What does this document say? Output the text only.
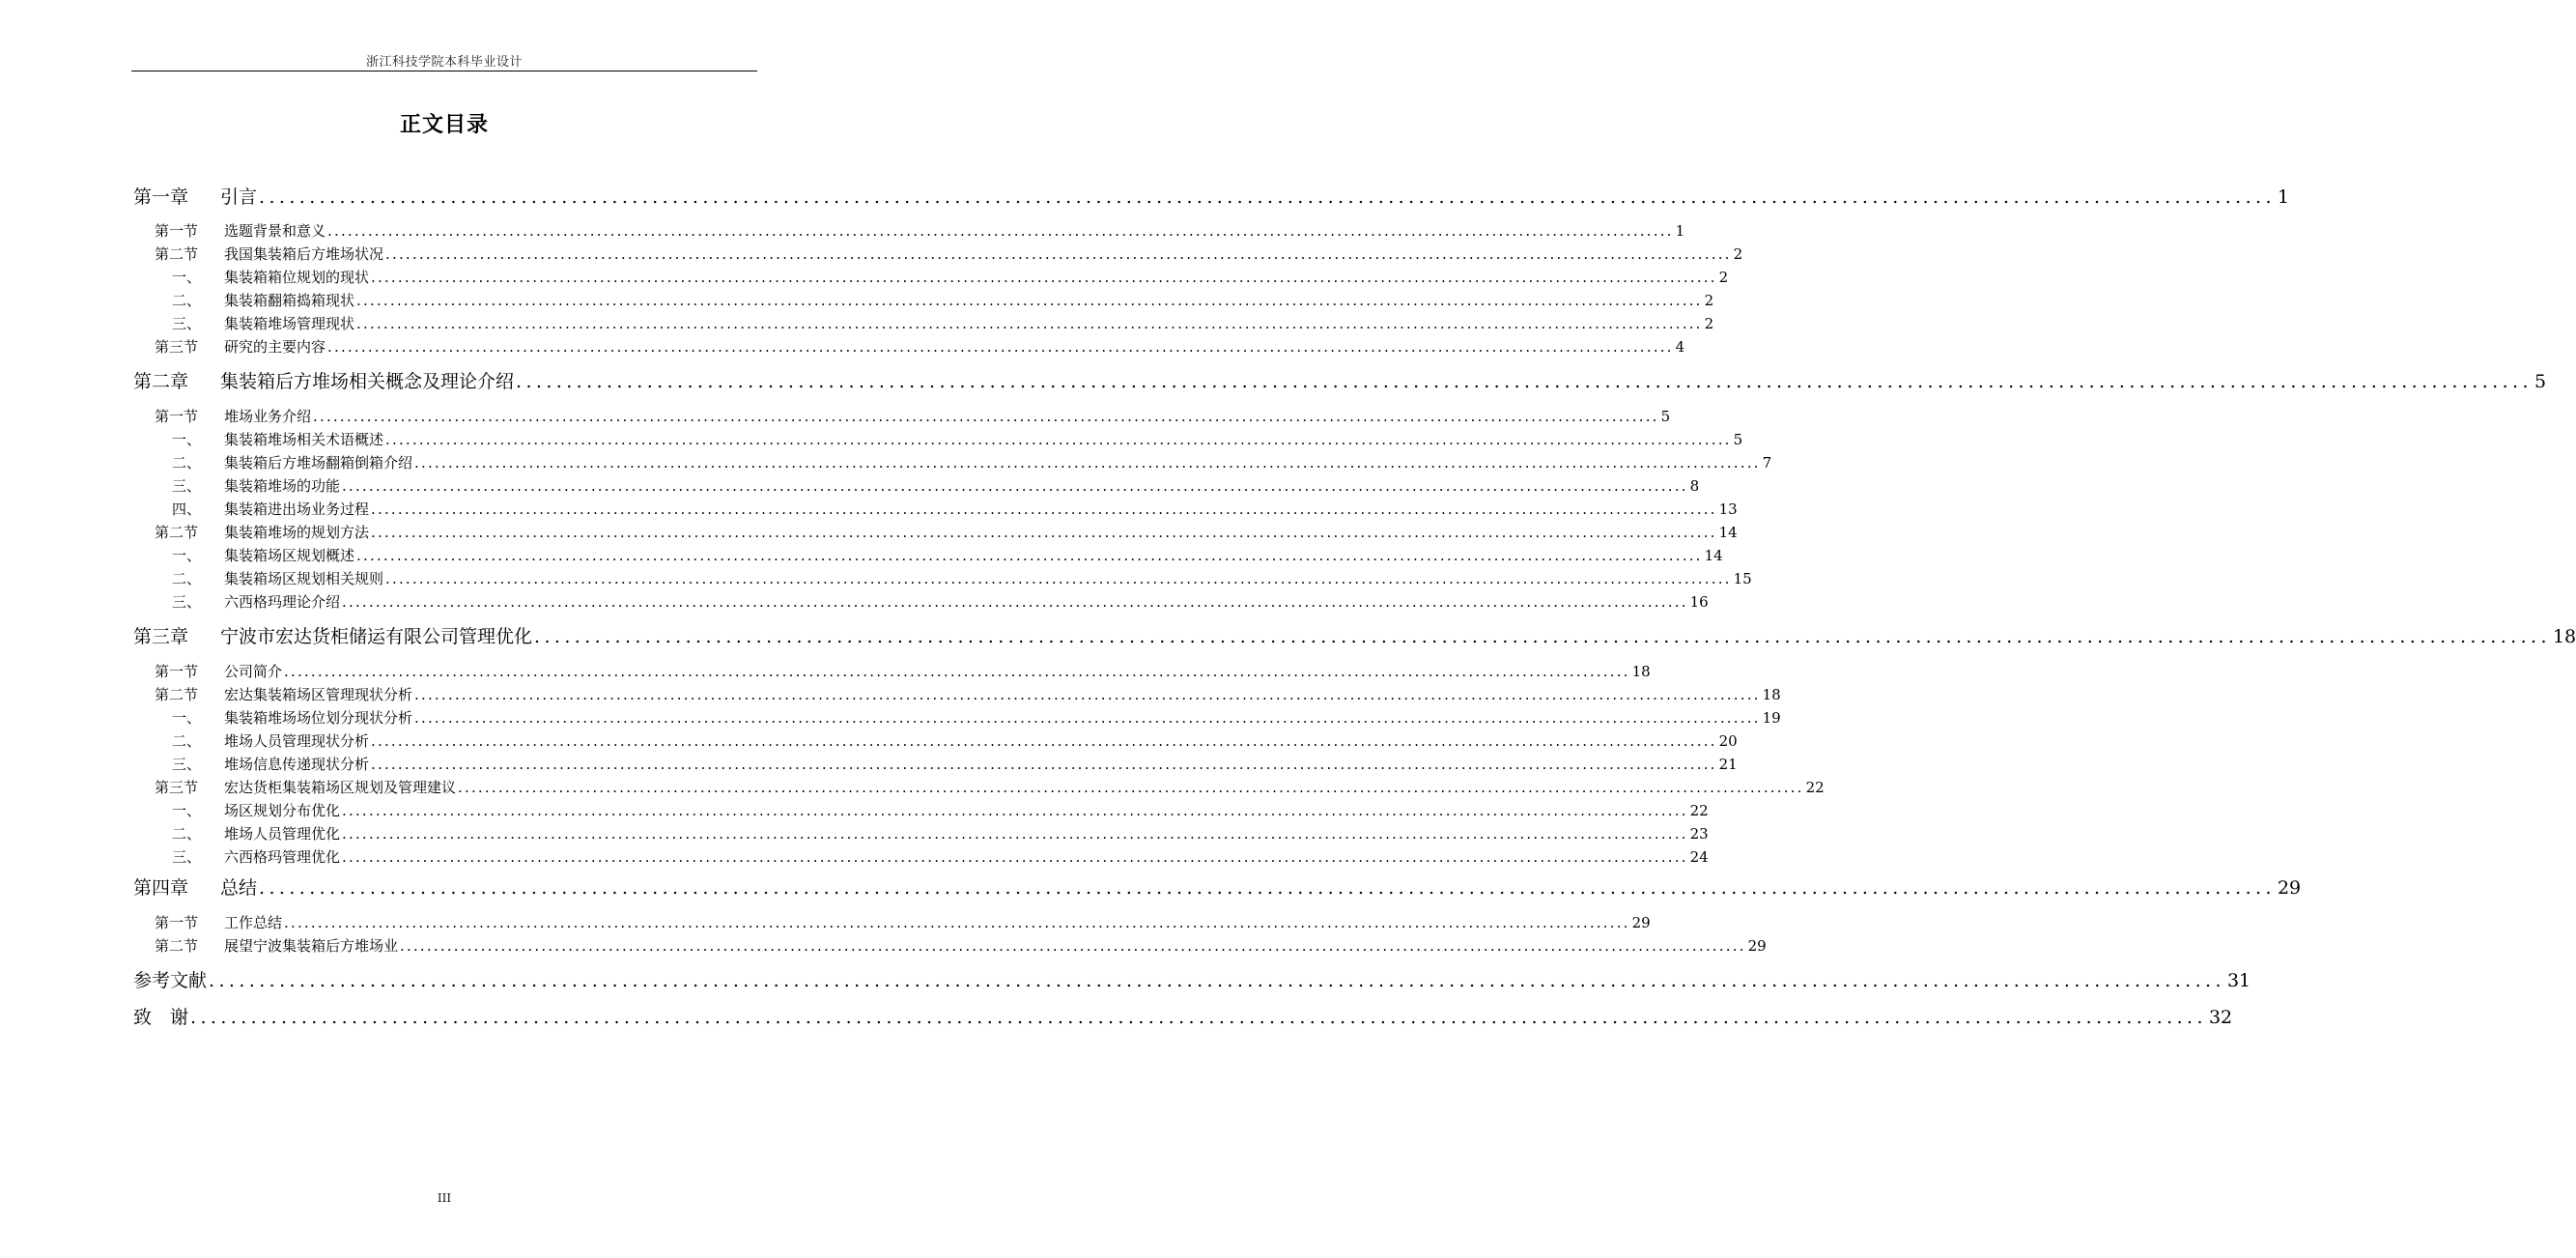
浙江科技学院本科毕业设计
正文目录
第一章	引言 ........................................................................................................................................................................................................ 1
第一节	选题背景和意义 ........................................................................................................................................................................................................ 1
第二节	我国集装箱后方堆场状况 ........................................................................................................................................................................................................ 2
一、	集装箱箱位规划的现状 ........................................................................................................................................................................................................ 2
二、	集装箱翻箱捣箱现状 ........................................................................................................................................................................................................ 2
三、	集装箱堆场管理现状 ........................................................................................................................................................................................................ 2
第三节	研究的主要内容 ........................................................................................................................................................................................................ 4
第二章	集装箱后方堆场相关概念及理论介绍 ........................................................................................................................................................................................................ 5
第一节	堆场业务介绍 ........................................................................................................................................................................................................ 5
一、	集装箱堆场相关术语概述 ........................................................................................................................................................................................................ 5
二、	集装箱后方堆场翻箱倒箱介绍 ........................................................................................................................................................................................................ 7
三、	集装箱堆场的功能 ........................................................................................................................................................................................................ 8
四、	集装箱进出场业务过程 ........................................................................................................................................................................................................ 13
第二节	集装箱堆场的规划方法 ........................................................................................................................................................................................................ 14
一、	集装箱场区规划概述 ........................................................................................................................................................................................................ 14
二、	集装箱场区规划相关规则 ........................................................................................................................................................................................................ 15
三、	六西格玛理论介绍 ........................................................................................................................................................................................................ 16
第三章	宁波市宏达货柜储运有限公司管理优化 ........................................................................................................................................................................................................ 18
第一节	公司简介 ........................................................................................................................................................................................................ 18
第二节	宏达集装箱场区管理现状分析 ........................................................................................................................................................................................................ 18
一、	集装箱堆场场位划分现状分析 ........................................................................................................................................................................................................ 19
二、	堆场人员管理现状分析 ........................................................................................................................................................................................................ 20
三、	堆场信息传递现状分析 ........................................................................................................................................................................................................ 21
第三节	宏达货柜集装箱场区规划及管理建议 ........................................................................................................................................................................................................ 22
一、	场区规划分布优化 ........................................................................................................................................................................................................ 22
二、	堆场人员管理优化 ........................................................................................................................................................................................................ 23
三、	六西格玛管理优化 ........................................................................................................................................................................................................ 24
第四章	总结 ........................................................................................................................................................................................................ 29
第一节	工作总结 ........................................................................................................................................................................................................ 29
第二节	展望宁波集装箱后方堆场业 ........................................................................................................................................................................................................ 29
参考文献 ........................................................................................................................................................................................................ 31
致　谢 ........................................................................................................................................................................................................ 32
III
